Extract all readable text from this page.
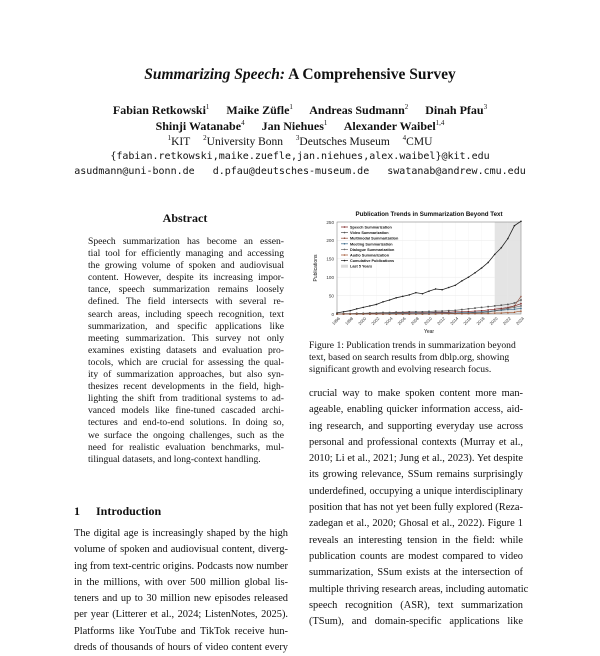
Summarizing Speech: A Comprehensive Survey
Fabian Retkowski$^1$ Maike Züfle$^1$ Andreas Sudmann$^2$ Dinah Pfau$^3$
Shinji Watanabe$^4$ Jan Niehues$^1$ Alexander Waibel$^{1,4}$
$^1$KIT $^2$University Bonn $^3$Deutsches Museum $^4$CMU
{fabian.retkowski,maike.zuefle,jan.niehues,alex.waibel}@kit.edu
asudmann@uni-bonn.de d.pfau@deutsches-museum.de swatanab@andrew.cmu.edu
Abstract
Speech summarization has become an essen-
tial tool for efficiently managing and accessing
the growing volume of spoken and audiovisual
content. However, despite its increasing impor-
tance, speech summarization remains loosely
defined. The field intersects with several re-
search areas, including speech recognition, text
summarization, and specific applications like
meeting summarization. This survey not only
examines existing datasets and evaluation pro-
tocols, which are crucial for assessing the qual-
ity of summarization approaches, but also syn-
thesizes recent developments in the field, high-
lighting the shift from traditional systems to ad-
vanced models like fine-tuned cascaded archi-
tectures and end-to-end solutions. In doing so,
we surface the ongoing challenges, such as the
need for realistic evaluation benchmarks, mul-
tilingual datasets, and long-context handling.
1 Introduction
The digital age is increasingly shaped by the high
volume of spoken and audiovisual content, diverg-
ing from text-centric origins. Podcasts now number
in the millions, with over 500 million global lis-
teners and up to 30 million new episodes released
per year (Litterer et al., 2024; ListenNotes, 2025).
Platforms like YouTube and TikTok receive hun-
dreds of thousands of hours of video content every
0
50
100
150
200
250
1996 1998 2000 2002 2004 2006 2008 2010 2012 2014 2016 2018 2020 2022 2024
Publication Trends in Summarization Beyond Text
Year
Publications
Speech Summarization
Video Summarization
Multimodal Summarization
Meeting Summarization
Dialogue Summarization
Audio Summarization
Cumulative Publications
Last 5 Years
Figure 1: Publication trends in summarization beyond
text, based on search results from dblp.org, showing
significant growth and evolving research focus.
crucial way to make spoken content more man-
ageable, enabling quicker information access, aid-
ing research, and supporting everyday use across
personal and professional contexts (Murray et al.,
2010; Li et al., 2021; Jung et al., 2023). Yet despite
its growing relevance, SSum remains surprisingly
underdefined, occupying a unique interdisciplinary
position that has not yet been fully explored (Reza-
zadegan et al., 2020; Ghosal et al., 2022). Figure 1
reveals an interesting tension in the field: while
publication counts are modest compared to video
summarization, SSum exists at the intersection of
multiple thriving research areas, including automatic
speech recognition (ASR), text summarization
(TSum), and domain-specific applications like
